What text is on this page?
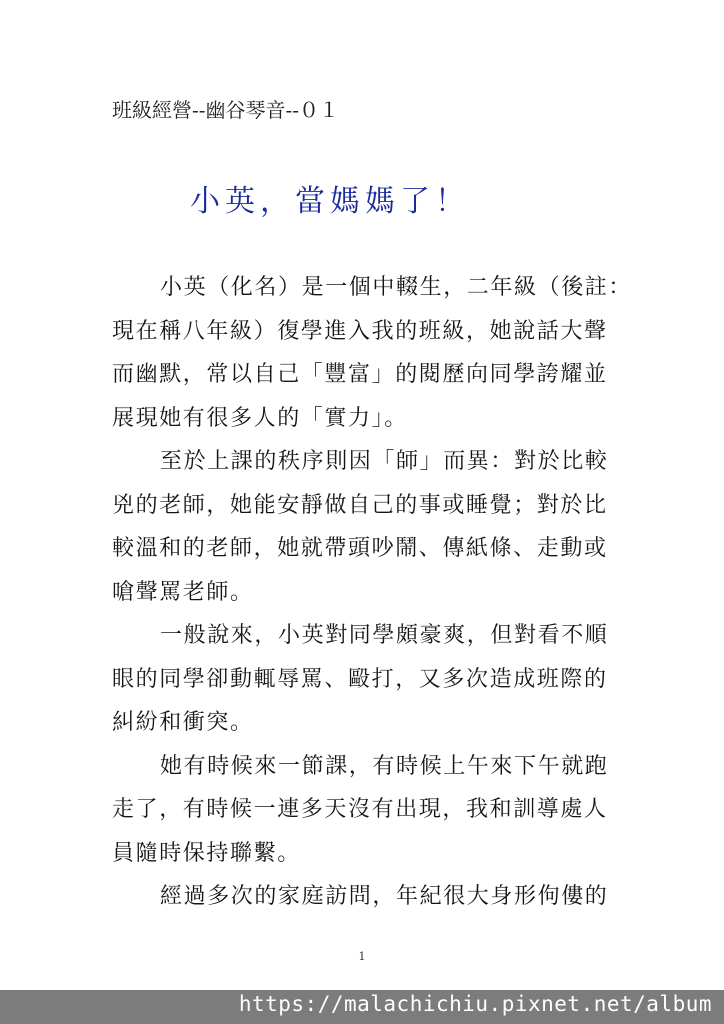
班級經營--幽谷琴音--０１
小英，當媽媽了！
小英（化名）是一個中輟生，二年級（後註：
現在稱八年級）復學進入我的班級，她說話大聲
而幽默，常以自己「豐富」的閱歷向同學誇耀並
展現她有很多人的「實力」。
至於上課的秩序則因「師」而異：對於比較
兇的老師，她能安靜做自己的事或睡覺；對於比
較溫和的老師，她就帶頭吵鬧、傳紙條、走動或
嗆聲罵老師。
一般說來，小英對同學頗豪爽，但對看不順
眼的同學卻動輒辱罵、毆打，又多次造成班際的
糾紛和衝突。
她有時候來一節課，有時候上午來下午就跑
走了，有時候一連多天沒有出現，我和訓導處人
員隨時保持聯繫。
經過多次的家庭訪問，年紀很大身形佝僂的
1
https://malachichiu.pixnet.net/album
